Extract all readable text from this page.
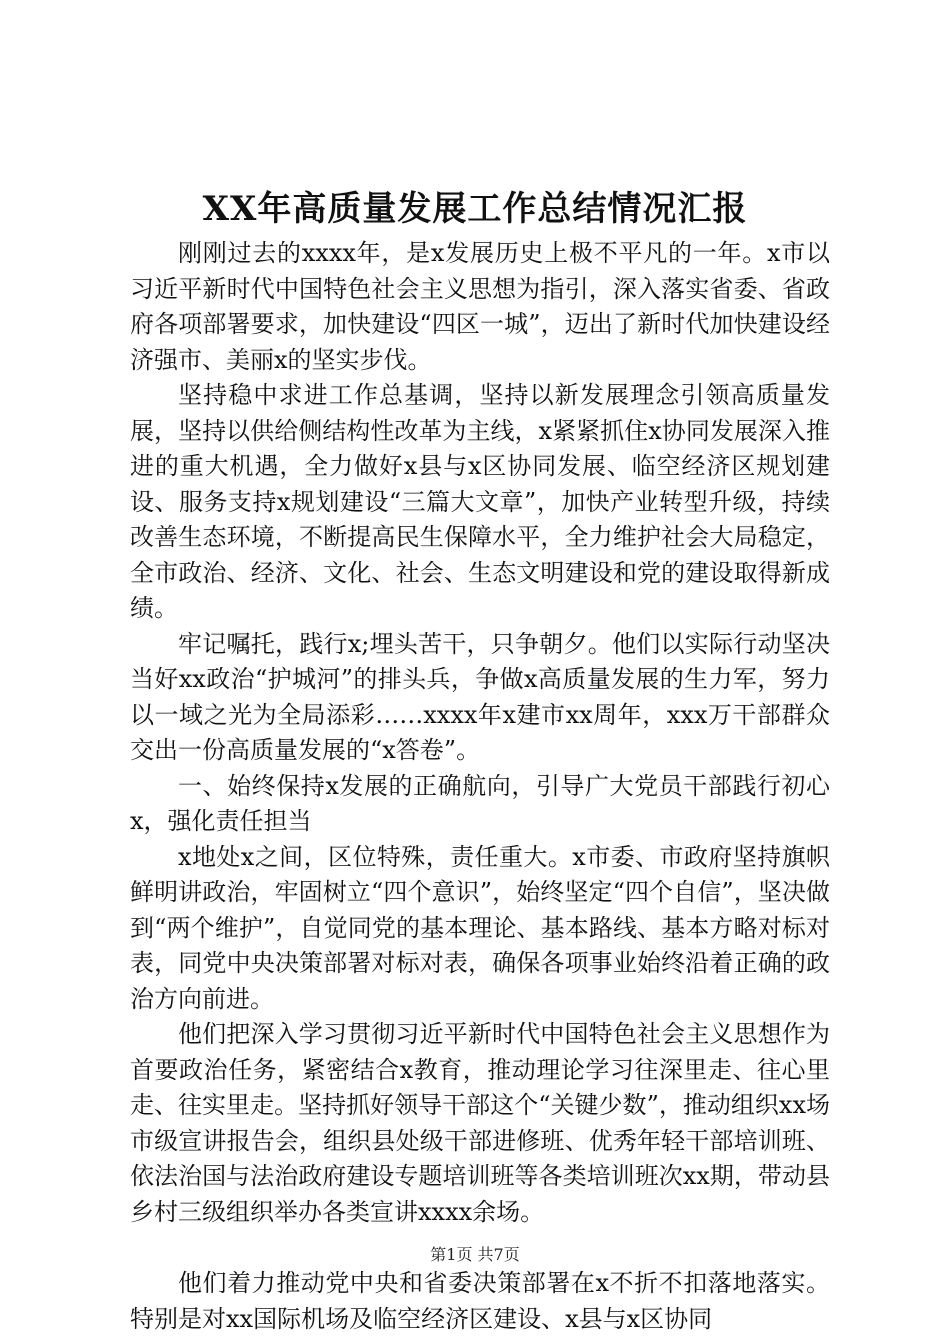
XX年高质量发展工作总结情况汇报

刚刚过去的xxxx年，是x发展历史上极不平凡的一年。x市以习近平新时代中国特色社会主义思想为指引，深入落实省委、省政府各项部署要求，加快建设“四区一城”，迈出了新时代加快建设经济强市、美丽x的坚实步伐。

坚持稳中求进工作总基调，坚持以新发展理念引领高质量发展，坚持以供给侧结构性改革为主线，x紧紧抓住x协同发展深入推进的重大机遇，全力做好x县与x区协同发展、临空经济区规划建设、服务支持x规划建设“三篇大文章”，加快产业转型升级，持续改善生态环境，不断提高民生保障水平，全力维护社会大局稳定，全市政治、经济、文化、社会、生态文明建设和党的建设取得新成绩。

牢记嘱托，践行x;埋头苦干，只争朝夕。他们以实际行动坚决当好xx政治“护城河”的排头兵，争做x高质量发展的生力军，努力以一域之光为全局添彩……xxxx年x建市xx周年，xxx万干部群众交出一份高质量发展的“x答卷”。

一、始终保持x发展的正确航向，引导广大党员干部践行初心x，强化责任担当

x地处x之间，区位特殊，责任重大。x市委、市政府坚持旗帜鲜明讲政治，牢固树立“四个意识”，始终坚定“四个自信”，坚决做到“两个维护”，自觉同党的基本理论、基本路线、基本方略对标对表，同党中央决策部署对标对表，确保各项事业始终沿着正确的政治方向前进。

他们把深入学习贯彻习近平新时代中国特色社会主义思想作为首要政治任务，紧密结合x教育，推动理论学习往深里走、往心里走、往实里走。坚持抓好领导干部这个“关键少数”，推动组织xx场市级宣讲报告会，组织县处级干部进修班、优秀年轻干部培训班、依法治国与法治政府建设专题培训班等各类培训班次xx期，带动县乡村三级组织举办各类宣讲xxxx余场。

他们着力推动党中央和省委决策部署在x不折不扣落地落实。特别是对xx国际机场及临空经济区建设、x县与x区协同

第1页 共7页
